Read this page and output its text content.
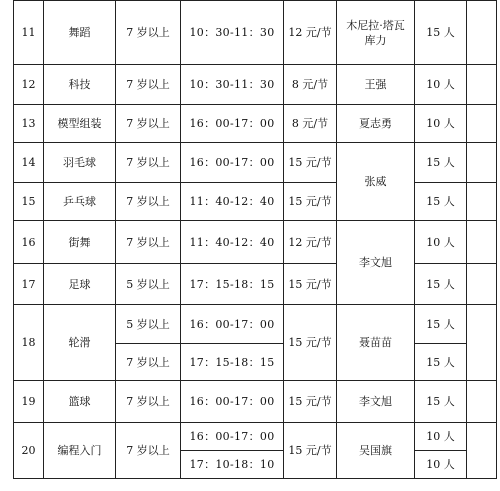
11	舞蹈	7 岁以上	10：30-11：30	12 元/节	木尼拉·塔瓦库力	15 人	
12	科技	7 岁以上	10：30-11：30	8 元/节	王强	10 人	
13	模型组装	7 岁以上	16：00-17：00	8 元/节	夏志勇	10 人	
14	羽毛球	7 岁以上	16：00-17：00	15 元/节	张威	15 人	
15	乒乓球	7 岁以上	11：40-12：40	15 元/节		15 人	
16	街舞	7 岁以上	11：40-12：40	12 元/节	李文旭	10 人	
17	足球	5 岁以上	17：15-18：15	15 元/节		15 人	
18	轮滑	5 岁以上	16：00-17：00	15 元/节	聂苗苗	15 人	
		7 岁以上	17：15-18：15			15 人	
19	篮球	7 岁以上	16：00-17：00	15 元/节	李文旭	15 人	
20	编程入门	7 岁以上	16：00-17：00	15 元/节	吴国旗	10 人	
			17：10-18：10			10 人	
